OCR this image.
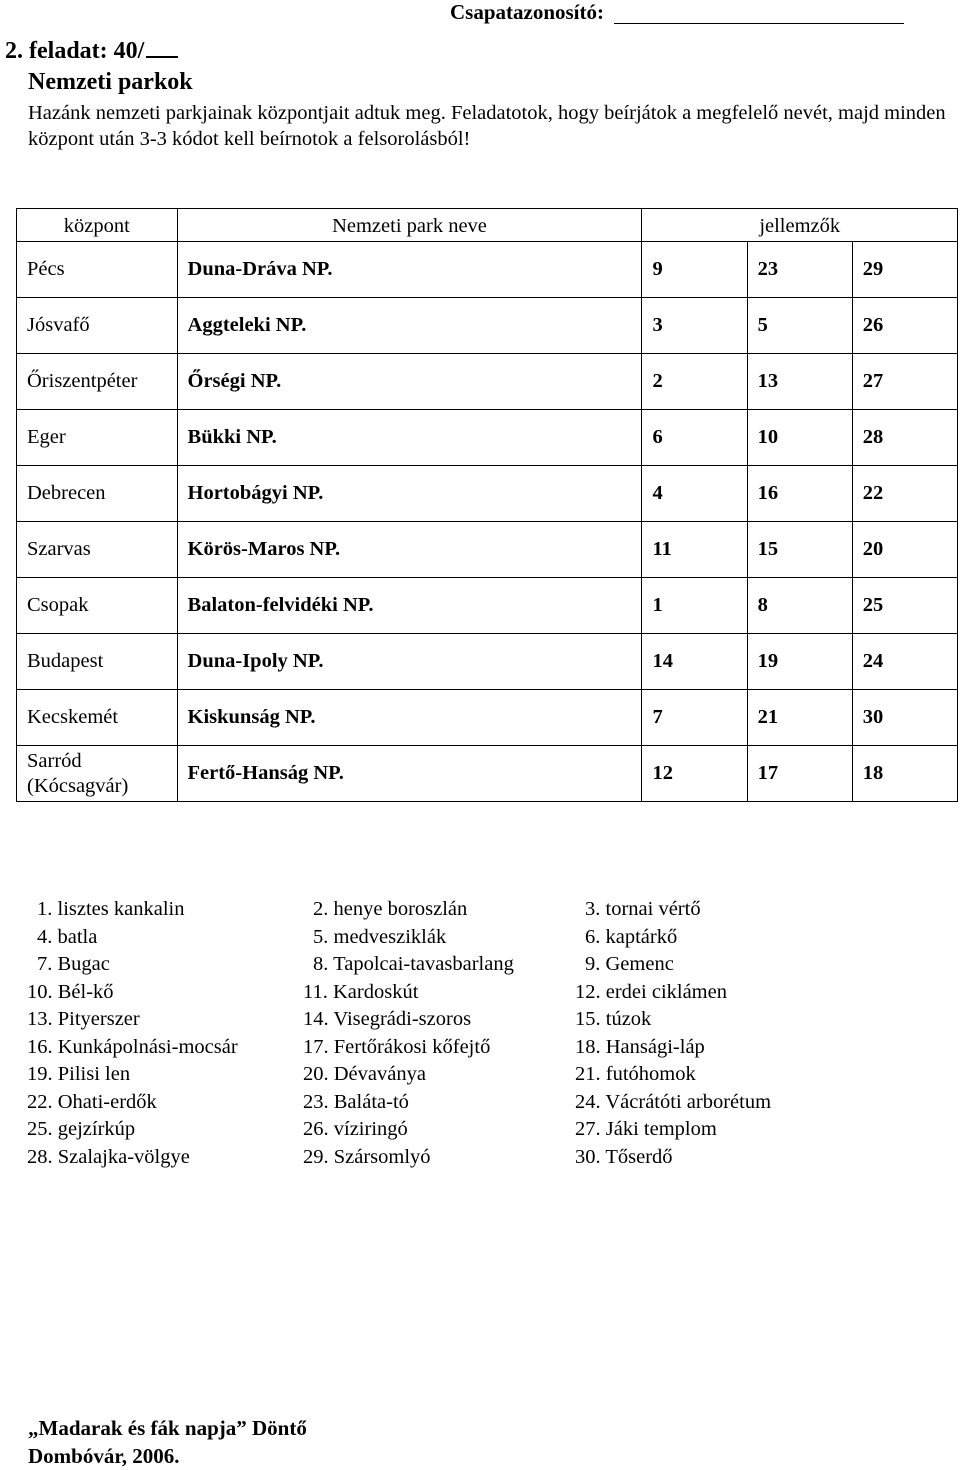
Csapatazonosító:
2. feladat: 40/
Nemzeti parkok
Hazánk nemzeti parkjainak központjait adtuk meg. Feladatotok, hogy beírjátok a megfelelő nevét, majd minden központ után 3-3 kódot kell beírnotok a felsorolásból!
központ	Nemzeti park neve	jellemzők		
Pécs	Duna-Dráva NP.	9	23	29
Jósvafő	Aggteleki NP.	3	5	26
Őriszentpéter	Őrségi NP.	2	13	27
Eger	Bükki NP.	6	10	28
Debrecen	Hortobágyi NP.	4	16	22
Szarvas	Körös-Maros NP.	11	15	20
Csopak	Balaton-felvidéki NP.	1	8	25
Budapest	Duna-Ipoly NP.	14	19	24
Kecskemét	Kiskunság NP.	7	21	30
Sarród (Kócsagvár)	Fertő-Hanság NP.	12	17	18
1. lisztes kankalin	2. henye boroszlán	3. tornai vértő
4. batla	5. medvesziklák	6. kaptárkő
7. Bugac	8. Tapolcai-tavasbarlang	9. Gemenc
10. Bél-kő	11. Kardoskút	12. erdei ciklámen
13. Pityerszer	14. Visegrádi-szoros	15. túzok
16. Kunkápolnási-mocsár	17. Fertőrákosi kőfejtő	18. Hansági-láp
19. Pilisi len	20. Dévaványa	21. futóhomok
22. Ohati-erdők	23. Baláta-tó	24. Vácrátóti arborétum
25. gejzírkúp	26. víziringó	27. Jáki templom
28. Szalajka-völgye	29. Szársomlyó	30. Tőserdő
„Madarak és fák napja” Döntő
Dombóvár, 2006.
